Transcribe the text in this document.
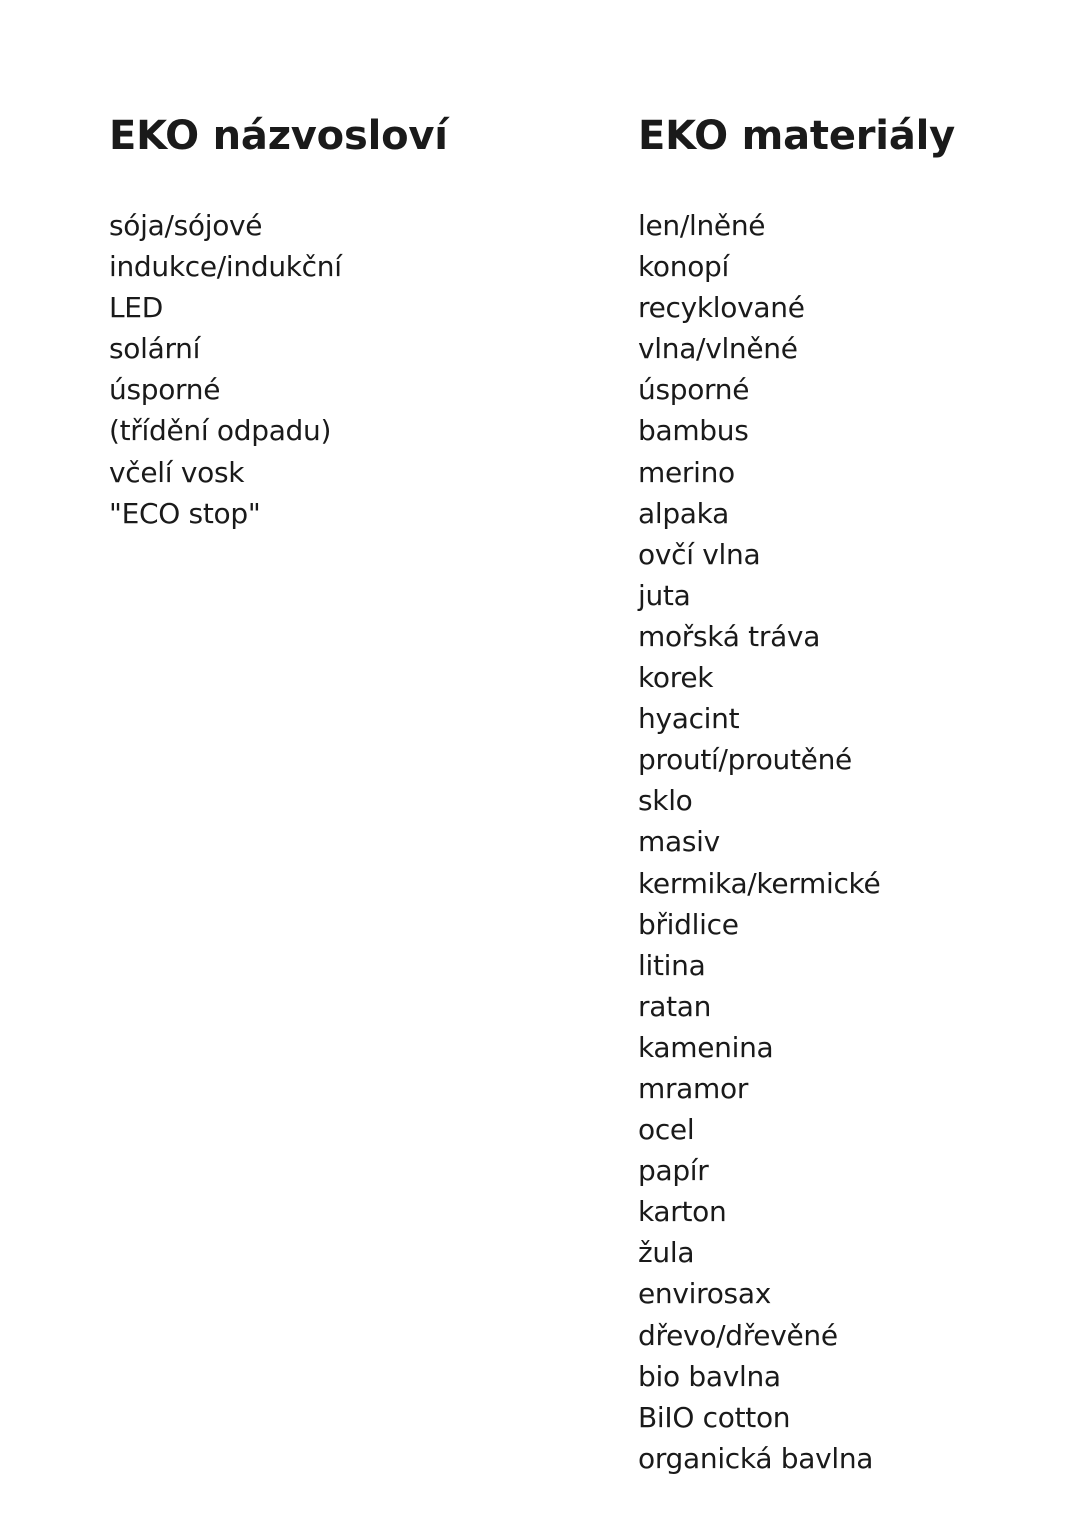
EKO názvosloví
sója/sójové
indukce/indukční
LED
solární
úsporné
(třídění odpadu)
včelí vosk
"ECO stop"
EKO materiály
len/lněné
konopí
recyklované
vlna/vlněné
úsporné
bambus
merino
alpaka
ovčí vlna
juta
mořská tráva
korek
hyacint
proutí/proutěné
sklo
masiv
kermika/kermické
břidlice
litina
ratan
kamenina
mramor
ocel
papír
karton
žula
envirosax
dřevo/dřevěné
bio bavlna
BiIO cotton
organická bavlna
